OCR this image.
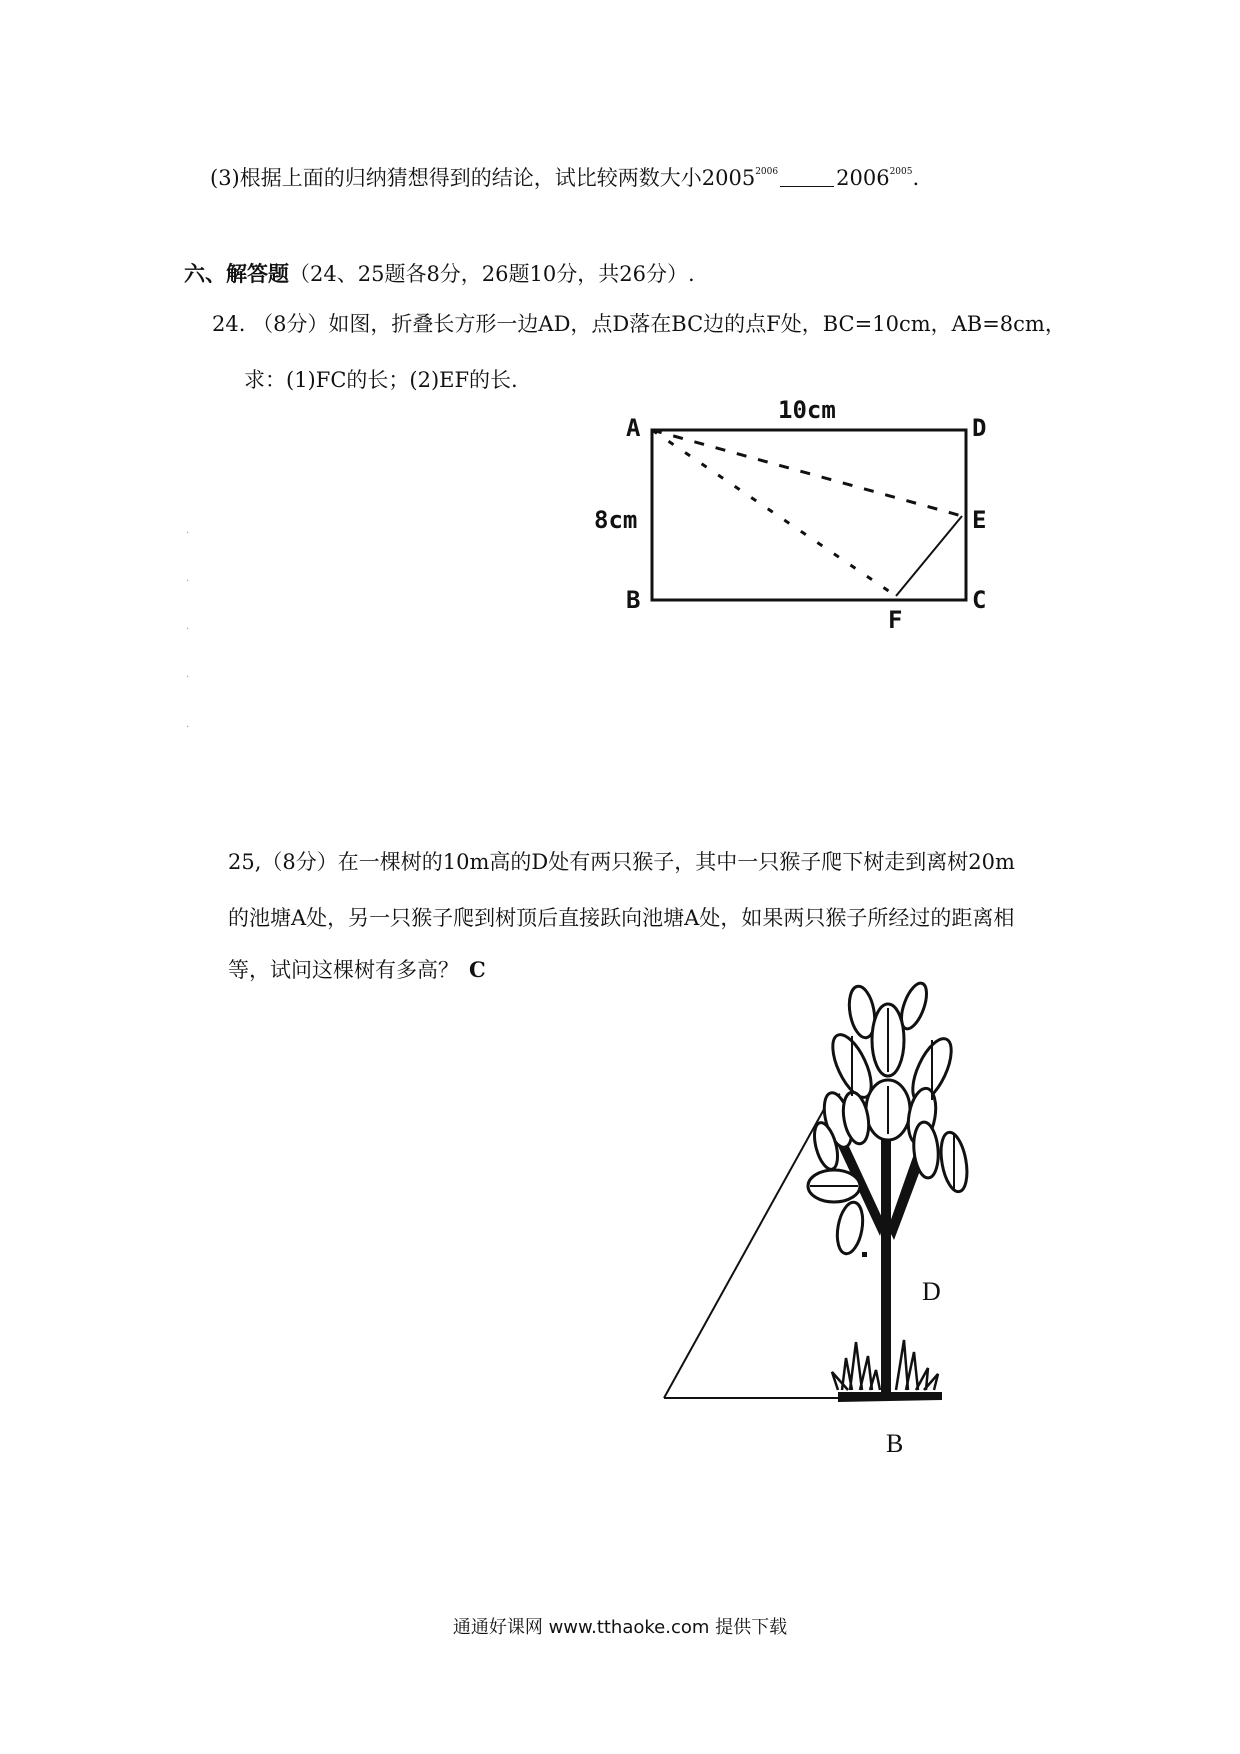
(3)根据上面的归纳猜想得到的结论，试比较两数大小$2005^{2006}$	$2006^{2005}$.
六、解答题（24、25题各8分，26题10分，共26分）.
24. （8分）如图，折叠长方形一边AD，点D落在BC边的点F处，BC=10cm，AB=8cm，
求：(1)FC的长；(2)EF的长.
·
·
·
·
·
25,（8分）在一棵树的10m高的D处有两只猴子，其中一只猴子爬下树走到离树20m
的池塘A处，另一只猴子爬到树顶后直接跃向池塘A处，如果两只猴子所经过的距离相
等，试问这棵树有多高？ C
A	D
E
B	C
F
10cm
8cm
D
B
通通好课网 www.tthaoke.com 提供下载
